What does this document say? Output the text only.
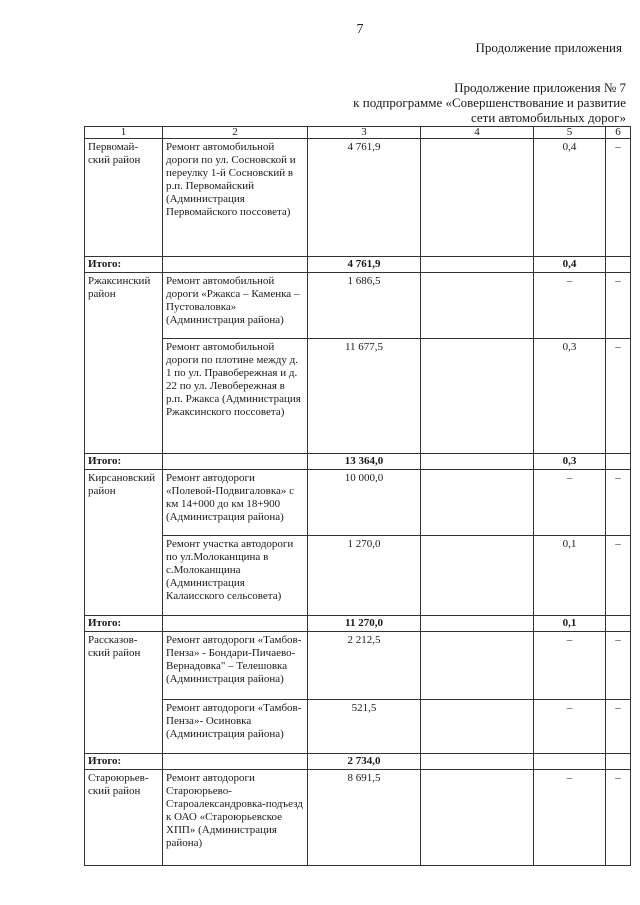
7
Продолжение приложения
Продолжение приложения № 7
к подпрограмме «Совершенствование и развитие
сети автомобильных дорог»
1	2	3	4	5	6
Первомай-ский район	Ремонт автомобильной дороги по ул. Сосновской и переулку 1-й Сосновский в р.п. Первомайский (Администрация Первомайского поссовета)	4 761,9		0,4	–
Итого:		4 761,9		0,4	
Ржаксинский район	Ремонт автомобильной дороги «Ржакса – Каменка – Пустоваловка» (Администрация района)	1 686,5		–	–
	Ремонт автомобильной дороги по плотине между д. 1 по ул. Правобережная и д. 22 по ул. Левобережная в р.п. Ржакса (Администрация Ржаксинского поссовета)	11 677,5		0,3	–
Итого:		13 364,0		0,3	
Кирсановский район	Ремонт автодороги «Полевой-Подвигаловка» с км 14+000 до км 18+900 (Администрация района)	10 000,0		–	–
	Ремонт участка автодороги по ул.Молоканщина в с.Молоканщина (Администрация Калаисского сельсовета)	1 270,0		0,1	–
Итого:		11 270,0		0,1	
Рассказов-ский район	Ремонт автодороги «Тамбов-Пенза» - Бондари-Пичаево-Вернадовка" – Телешовка (Администрация района)	2 212,5		–	–
	Ремонт автодороги «Тамбов-Пенза»- Осиновка (Администрация района)	521,5		–	–
Итого:		2 734,0			
Староюрьев-ский район	Ремонт автодороги Староюрьево-Старoалександровка-подъезд к ОАО «Староюрьевское ХПП» (Администрация района)	8 691,5		–	–
